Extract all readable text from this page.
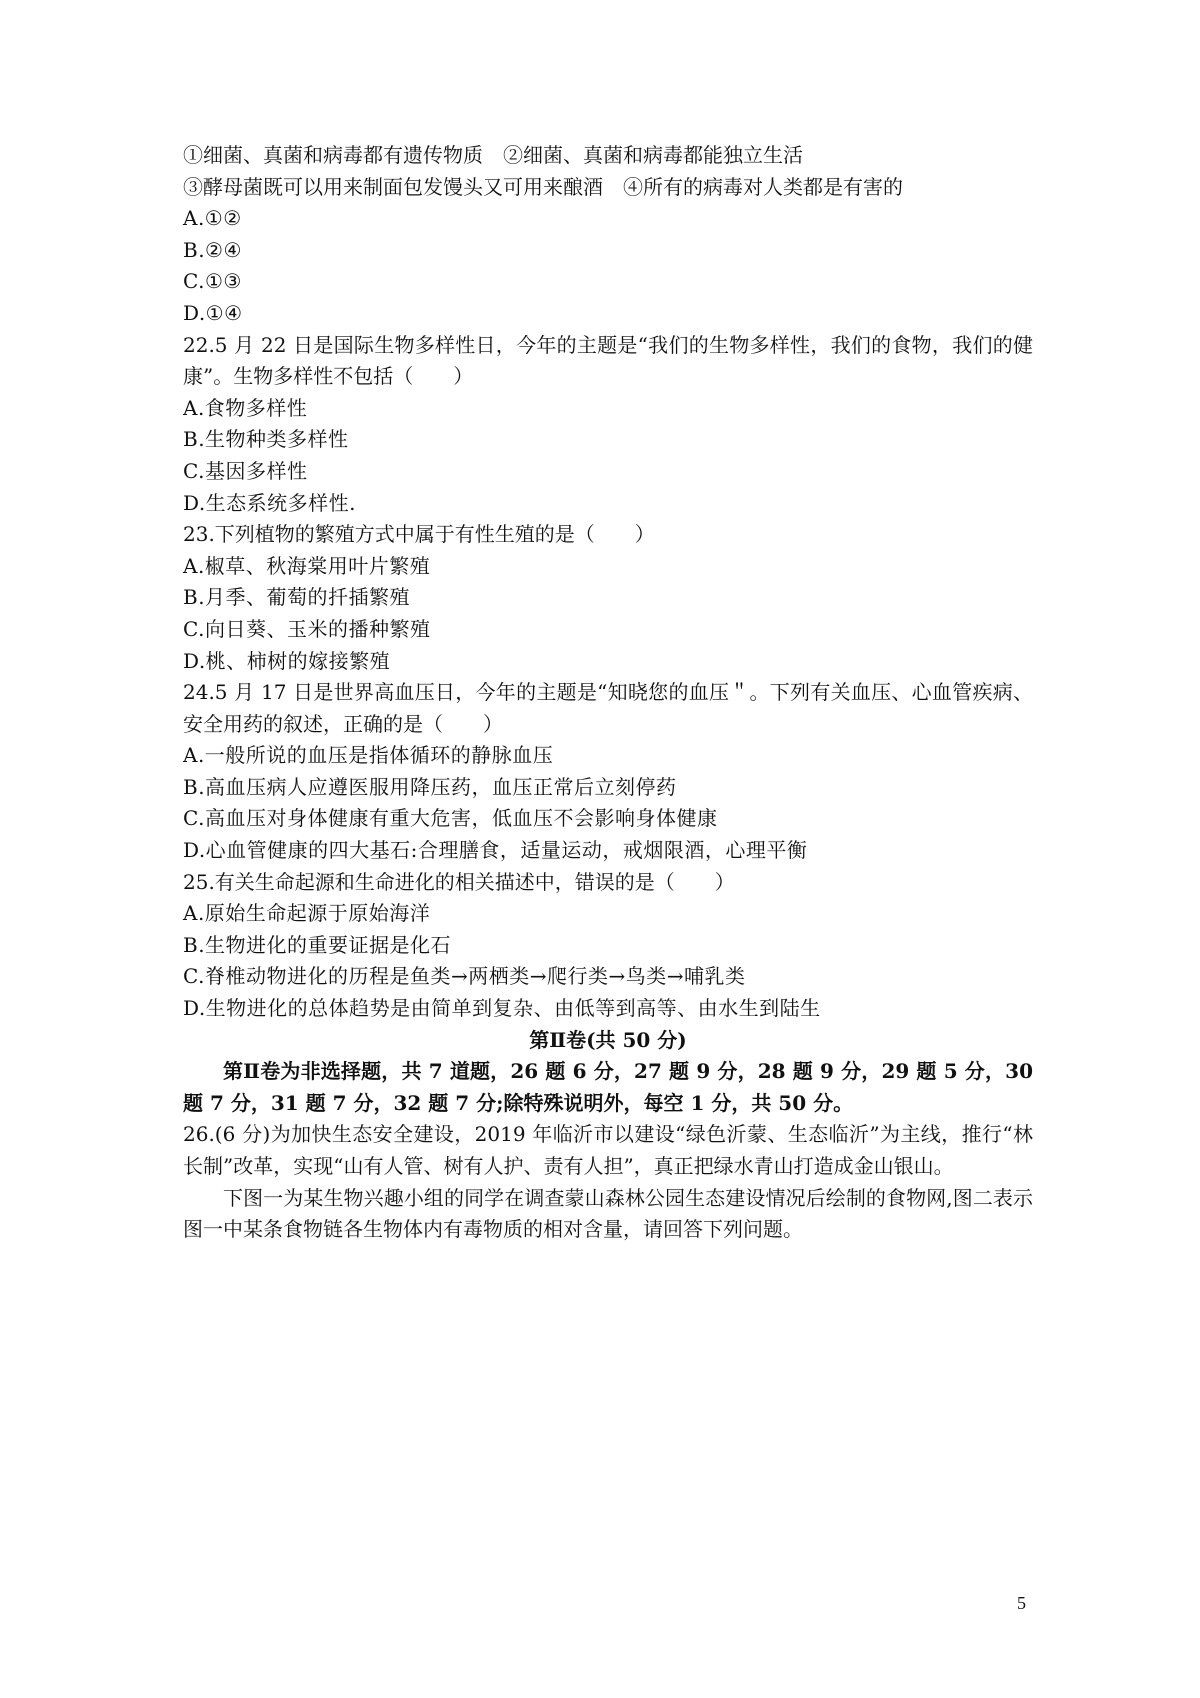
①细菌、真菌和病毒都有遗传物质　②细菌、真菌和病毒都能独立生活
③酵母菌既可以用来制面包发馒头又可用来酿酒　④所有的病毒对人类都是有害的
A.①②
B.②④
C.①③
D.①④
22.5 月 22 日是国际生物多样性日，今年的主题是“我们的生物多样性，我们的食物，我们的健康”。生物多样性不包括（　　）
A.食物多样性
B.生物种类多样性
C.基因多样性
D.生态系统多样性.
23.下列植物的繁殖方式中属于有性生殖的是（　　）
A.椒草、秋海棠用叶片繁殖
B.月季、葡萄的扦插繁殖
C.向日葵、玉米的播种繁殖
D.桃、柿树的嫁接繁殖
24.5 月 17 日是世界高血压日，今年的主题是“知晓您的血压＂。下列有关血压、心血管疾病、安全用药的叙述，正确的是（　　）
A.一般所说的血压是指体循环的静脉血压
B.高血压病人应遵医服用降压药，血压正常后立刻停药
C.高血压对身体健康有重大危害，低血压不会影响身体健康
D.心血管健康的四大基石:合理膳食，适量运动，戒烟限酒，心理平衡
25.有关生命起源和生命进化的相关描述中，错误的是（　　）
A.原始生命起源于原始海洋
B.生物进化的重要证据是化石
C.脊椎动物进化的历程是鱼类→两栖类→爬行类→鸟类→哺乳类
D.生物进化的总体趋势是由简单到复杂、由低等到高等、由水生到陆生
第Ⅱ卷(共 50 分)
第Ⅱ卷为非选择题，共 7 道题，26 题 6 分，27 题 9 分，28 题 9 分，29 题 5 分，30 题 7 分，31 题 7 分，32 题 7 分;除特殊说明外，每空 1 分，共 50 分。
26.(6 分)为加快生态安全建设，2019 年临沂市以建设“绿色沂蒙、生态临沂”为主线，推行“林长制”改革，实现“山有人管、树有人护、责有人担”，真正把绿水青山打造成金山银山。
下图一为某生物兴趣小组的同学在调查蒙山森林公园生态建设情况后绘制的食物网,图二表示图一中某条食物链各生物体内有毒物质的相对含量，请回答下列问题。
5
